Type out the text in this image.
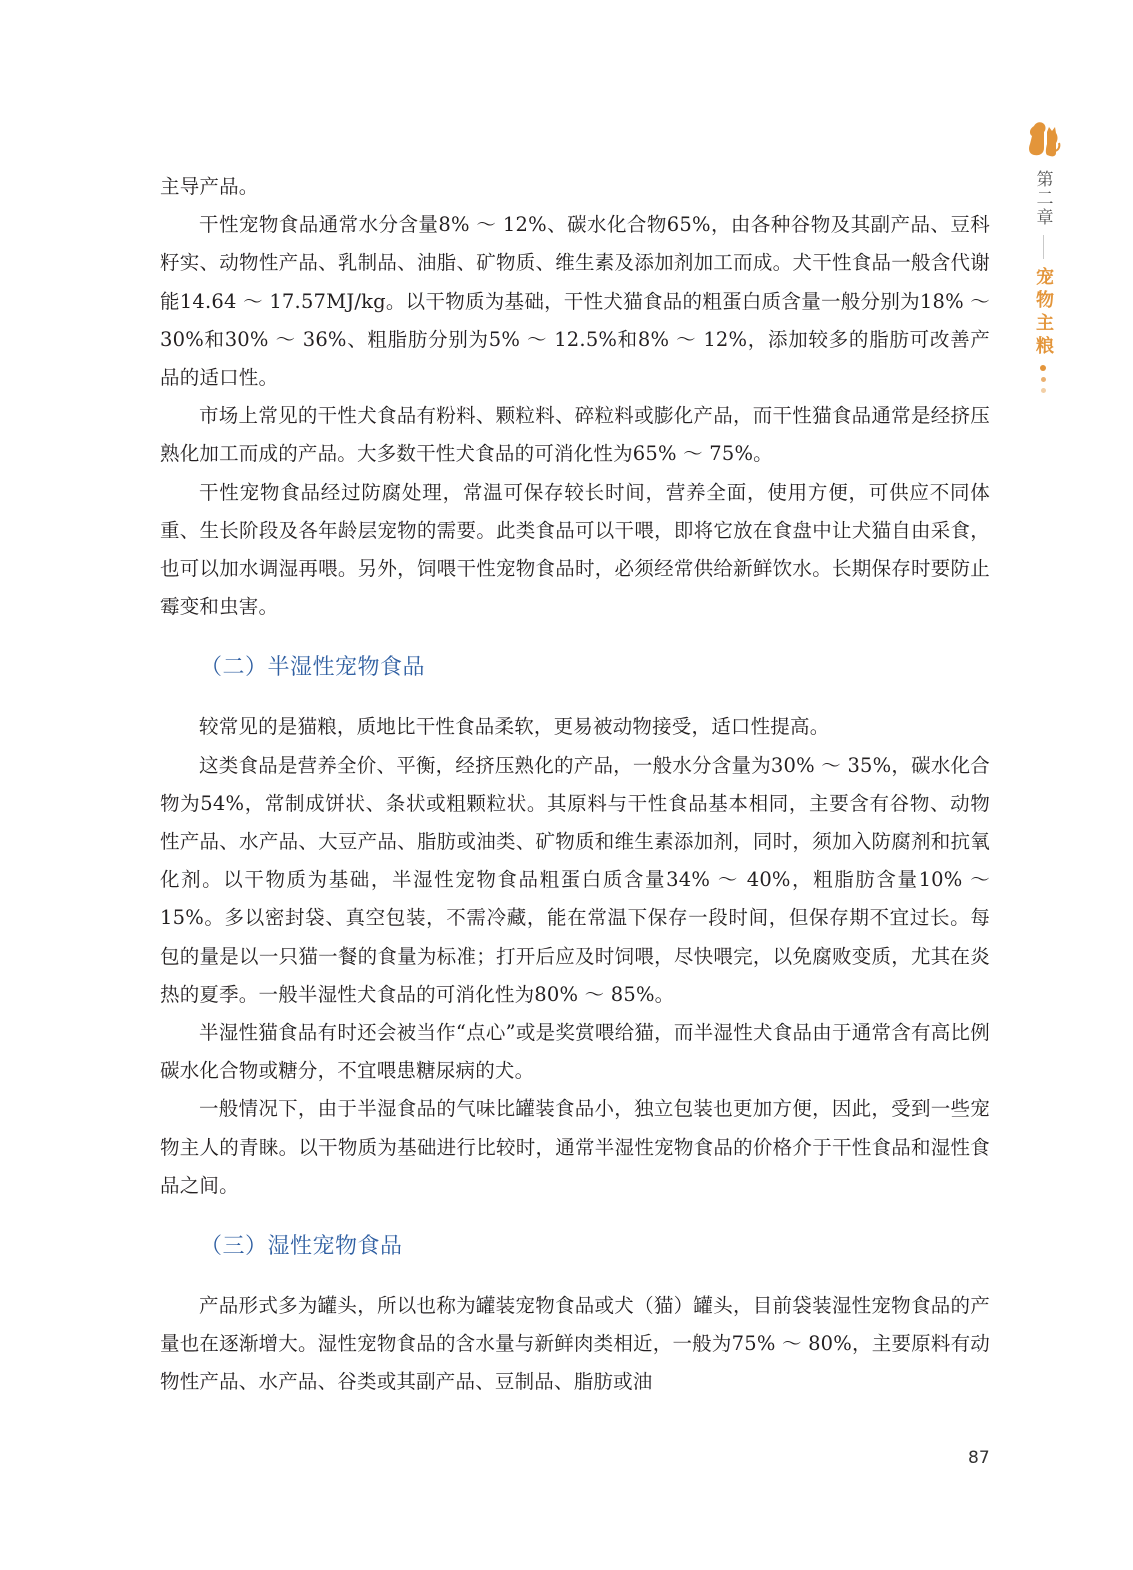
第二章
宠物主粮

主导产品。

干性宠物食品通常水分含量8% ～ 12%、碳水化合物65%，由各种谷物及其副产品、豆科籽实、动物性产品、乳制品、油脂、矿物质、维生素及添加剂加工而成。犬干性食品一般含代谢能14.64 ～ 17.57MJ/kg。以干物质为基础，干性犬猫食品的粗蛋白质含量一般分别为18% ～ 30%和30% ～ 36%、粗脂肪分别为5% ～ 12.5%和8% ～ 12%，添加较多的脂肪可改善产品的适口性。

市场上常见的干性犬食品有粉料、颗粒料、碎粒料或膨化产品，而干性猫食品通常是经挤压熟化加工而成的产品。大多数干性犬食品的可消化性为65% ～ 75%。

干性宠物食品经过防腐处理，常温可保存较长时间，营养全面，使用方便，可供应不同体重、生长阶段及各年龄层宠物的需要。此类食品可以干喂，即将它放在食盘中让犬猫自由采食，也可以加水调湿再喂。另外，饲喂干性宠物食品时，必须经常供给新鲜饮水。长期保存时要防止霉变和虫害。

（二）半湿性宠物食品

较常见的是猫粮，质地比干性食品柔软，更易被动物接受，适口性提高。

这类食品是营养全价、平衡，经挤压熟化的产品，一般水分含量为30% ～ 35%，碳水化合物为54%，常制成饼状、条状或粗颗粒状。其原料与干性食品基本相同，主要含有谷物、动物性产品、水产品、大豆产品、脂肪或油类、矿物质和维生素添加剂，同时，须加入防腐剂和抗氧化剂。以干物质为基础，半湿性宠物食品粗蛋白质含量34% ～ 40%，粗脂肪含量10% ～ 15%。多以密封袋、真空包装，不需冷藏，能在常温下保存一段时间，但保存期不宜过长。每包的量是以一只猫一餐的食量为标准；打开后应及时饲喂，尽快喂完，以免腐败变质，尤其在炎热的夏季。一般半湿性犬食品的可消化性为80% ～ 85%。

半湿性猫食品有时还会被当作“点心”或是奖赏喂给猫，而半湿性犬食品由于通常含有高比例碳水化合物或糖分，不宜喂患糖尿病的犬。

一般情况下，由于半湿食品的气味比罐装食品小，独立包装也更加方便，因此，受到一些宠物主人的青睐。以干物质为基础进行比较时，通常半湿性宠物食品的价格介于干性食品和湿性食品之间。

（三）湿性宠物食品

产品形式多为罐头，所以也称为罐装宠物食品或犬（猫）罐头，目前袋装湿性宠物食品的产量也在逐渐增大。湿性宠物食品的含水量与新鲜肉类相近，一般为75% ～ 80%，主要原料有动物性产品、水产品、谷类或其副产品、豆制品、脂肪或油

87
